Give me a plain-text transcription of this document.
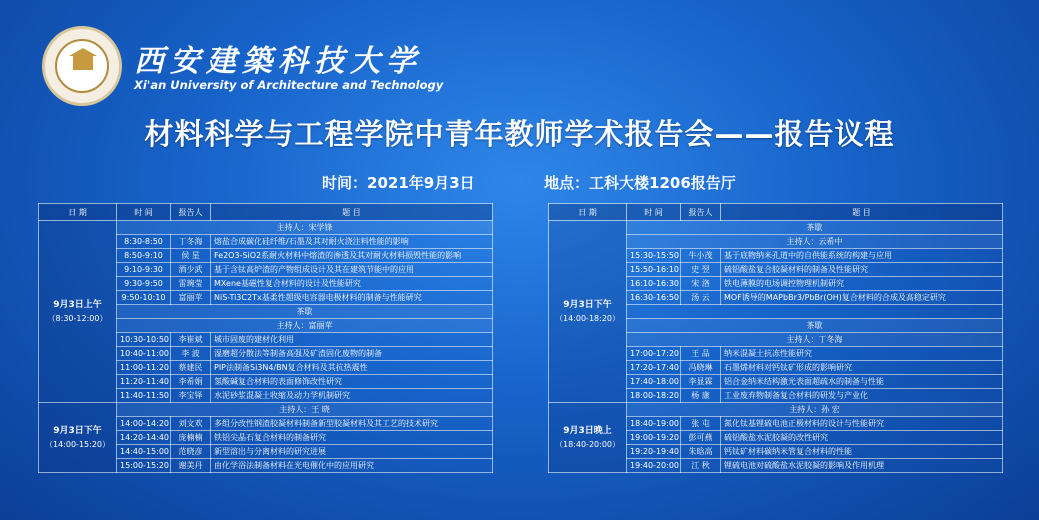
西安建築科技大学
Xi'an University of Architecture and Technology
材料科学与工程学院中青年教师学术报告会——报告议程
时间：2021年9月3日	地点：工科大楼1206报告厅
日 期	时 间	报告人	题 目

9月3日上午
（8:30-12:00）	主持人：宋学锋		
	8:30-8:50	丁冬海	熔盐合成碳化硅纤维/石墨及其对耐火浇注料性能的影响
	8:50-9:10	侯 星	Fe2O3-SiO2系耐火材料中熔渣的渗透及其对耐火材料损毁性能的影响
	9:10-9:30	酒少武	基于含钛高炉渣的产物组成设计及其在建筑节能中的应用
	9:30-9:50	雷琬莹	MXene基磁性复合材料的设计及性能研究
	9:50-10:10	富丽苹	NiS-Ti3C2Tx基柔性超级电容器电极材料的制备与性能研究
	茶歇		
	主持人：富丽苹		
	10:30-10:50	李崔斌	城市固废的建材化利用
	10:40-11:00	李 波	湿磨超分散法等制备高强及矿渣固化废物的制备
	11:00-11:20	蔡建民	PIP法制备Si3N4/BN复合材料及其抗热震性
	11:20-11:40	李希娟	氢酸碱复合材料的表面修饰改性研究
	11:40-11:50	李宝铎	水泥砂浆混凝土收缩及动力学机制研究

9月3日下午
（14:00-15:20）	主持人：王 晓		
	14:00-14:20	刘文欢	多组分改性钢渣胶凝材料制备新型胶凝材料及其工艺的技术研究
	14:20-14:40	庞楠楠	铁铝尖晶石复合材料的制备研究
	14:40-15:00	范晓彦	新型溶出与分离材料的研究进展
	15:00-15:20	谢美丹	由化学浴法制备材料在光电催化中的应用研究
日 期	时 间	报告人	题 目

9月3日下午
（14:00-18:20）	茶歇		
	主持人：云希中		
	15:30-15:50	牛小茂	基于底物纳米孔道中的自供能系统的构建与应用
	15:50-16:10	史 翌	硫铝酸盐复合胶凝材料的制备及性能研究
	16:10-16:30	宋 洛	铁电薄膜的电场调控物理机制研究
	16:30-16:50	汤 云	MOF诱导的MAPbBr3/PbBr(OH)复合材料的合成及高稳定研究

	茶歇		
	主持人：丁冬海		
	17:00-17:20	王 品	纳米混凝土抗冻性能研究
	17:20-17:40	冯晓琳	石墨烯材料对钙钛矿形成的影响研究
	17:40-18:00	李显霖	铝合金纳米结构激光表面超疏水的制备与性能
	18:00-18:20	杨 康	工业废弃物制备复合材料的研发与产业化

9月3日晚上
（18:40-20:00）	主持人：孙 宏		
	18:40-19:00	张 屯	氮化钛基锂硫电池正极材料的设计与性能研究
	19:00-19:20	彭可燕	硫铝酸盐水泥胶凝的改性研究
	19:20-19:40	朱晗高	钙钛矿材料碳纳米管复合材料的性能
	19:40-20:00	江 秋	锂硫电池对硫酸盐水泥胶凝的影响及作用机理
